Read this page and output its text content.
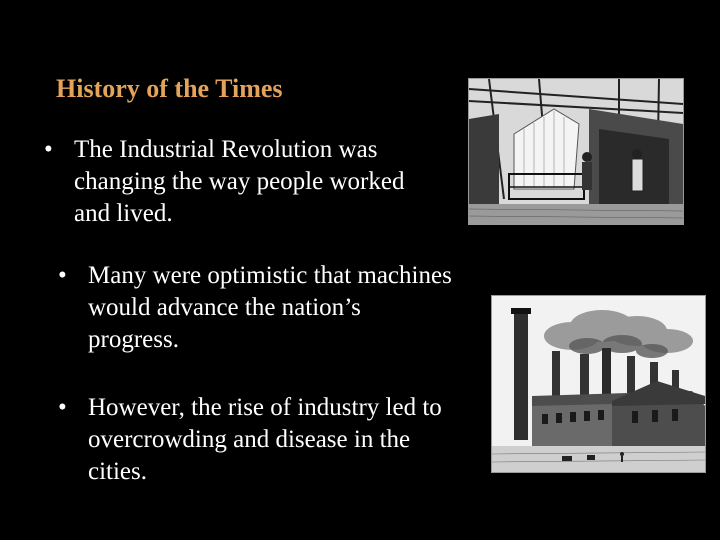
History of the Times
• The Industrial Revolution was changing the way people worked and lived.
• Many were optimistic that machines would advance the nation’s progress.
• However, the rise of industry led to overcrowding and disease in the cities.
